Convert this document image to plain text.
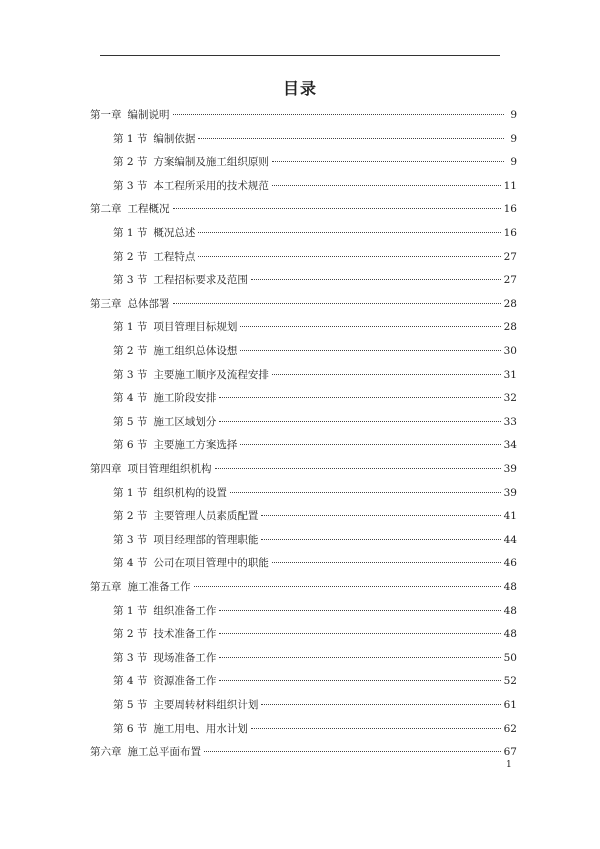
目录
第一章 编制说明	9
第 1 节 编制依据	9
第 2 节 方案编制及施工组织原则	9
第 3 节 本工程所采用的技术规范	11
第二章 工程概况	16
第 1 节 概况总述	16
第 2 节 工程特点	27
第 3 节 工程招标要求及范围	27
第三章 总体部署	28
第 1 节 项目管理目标规划	28
第 2 节 施工组织总体设想	30
第 3 节 主要施工顺序及流程安排	31
第 4 节 施工阶段安排	32
第 5 节 施工区域划分	33
第 6 节 主要施工方案选择	34
第四章 项目管理组织机构	39
第 1 节 组织机构的设置	39
第 2 节 主要管理人员素质配置	41
第 3 节 项目经理部的管理职能	44
第 4 节 公司在项目管理中的职能	46
第五章 施工准备工作	48
第 1 节 组织准备工作	48
第 2 节 技术准备工作	48
第 3 节 现场准备工作	50
第 4 节 资源准备工作	52
第 5 节 主要周转材料组织计划	61
第 6 节 施工用电、用水计划	62
第六章 施工总平面布置	67
1
